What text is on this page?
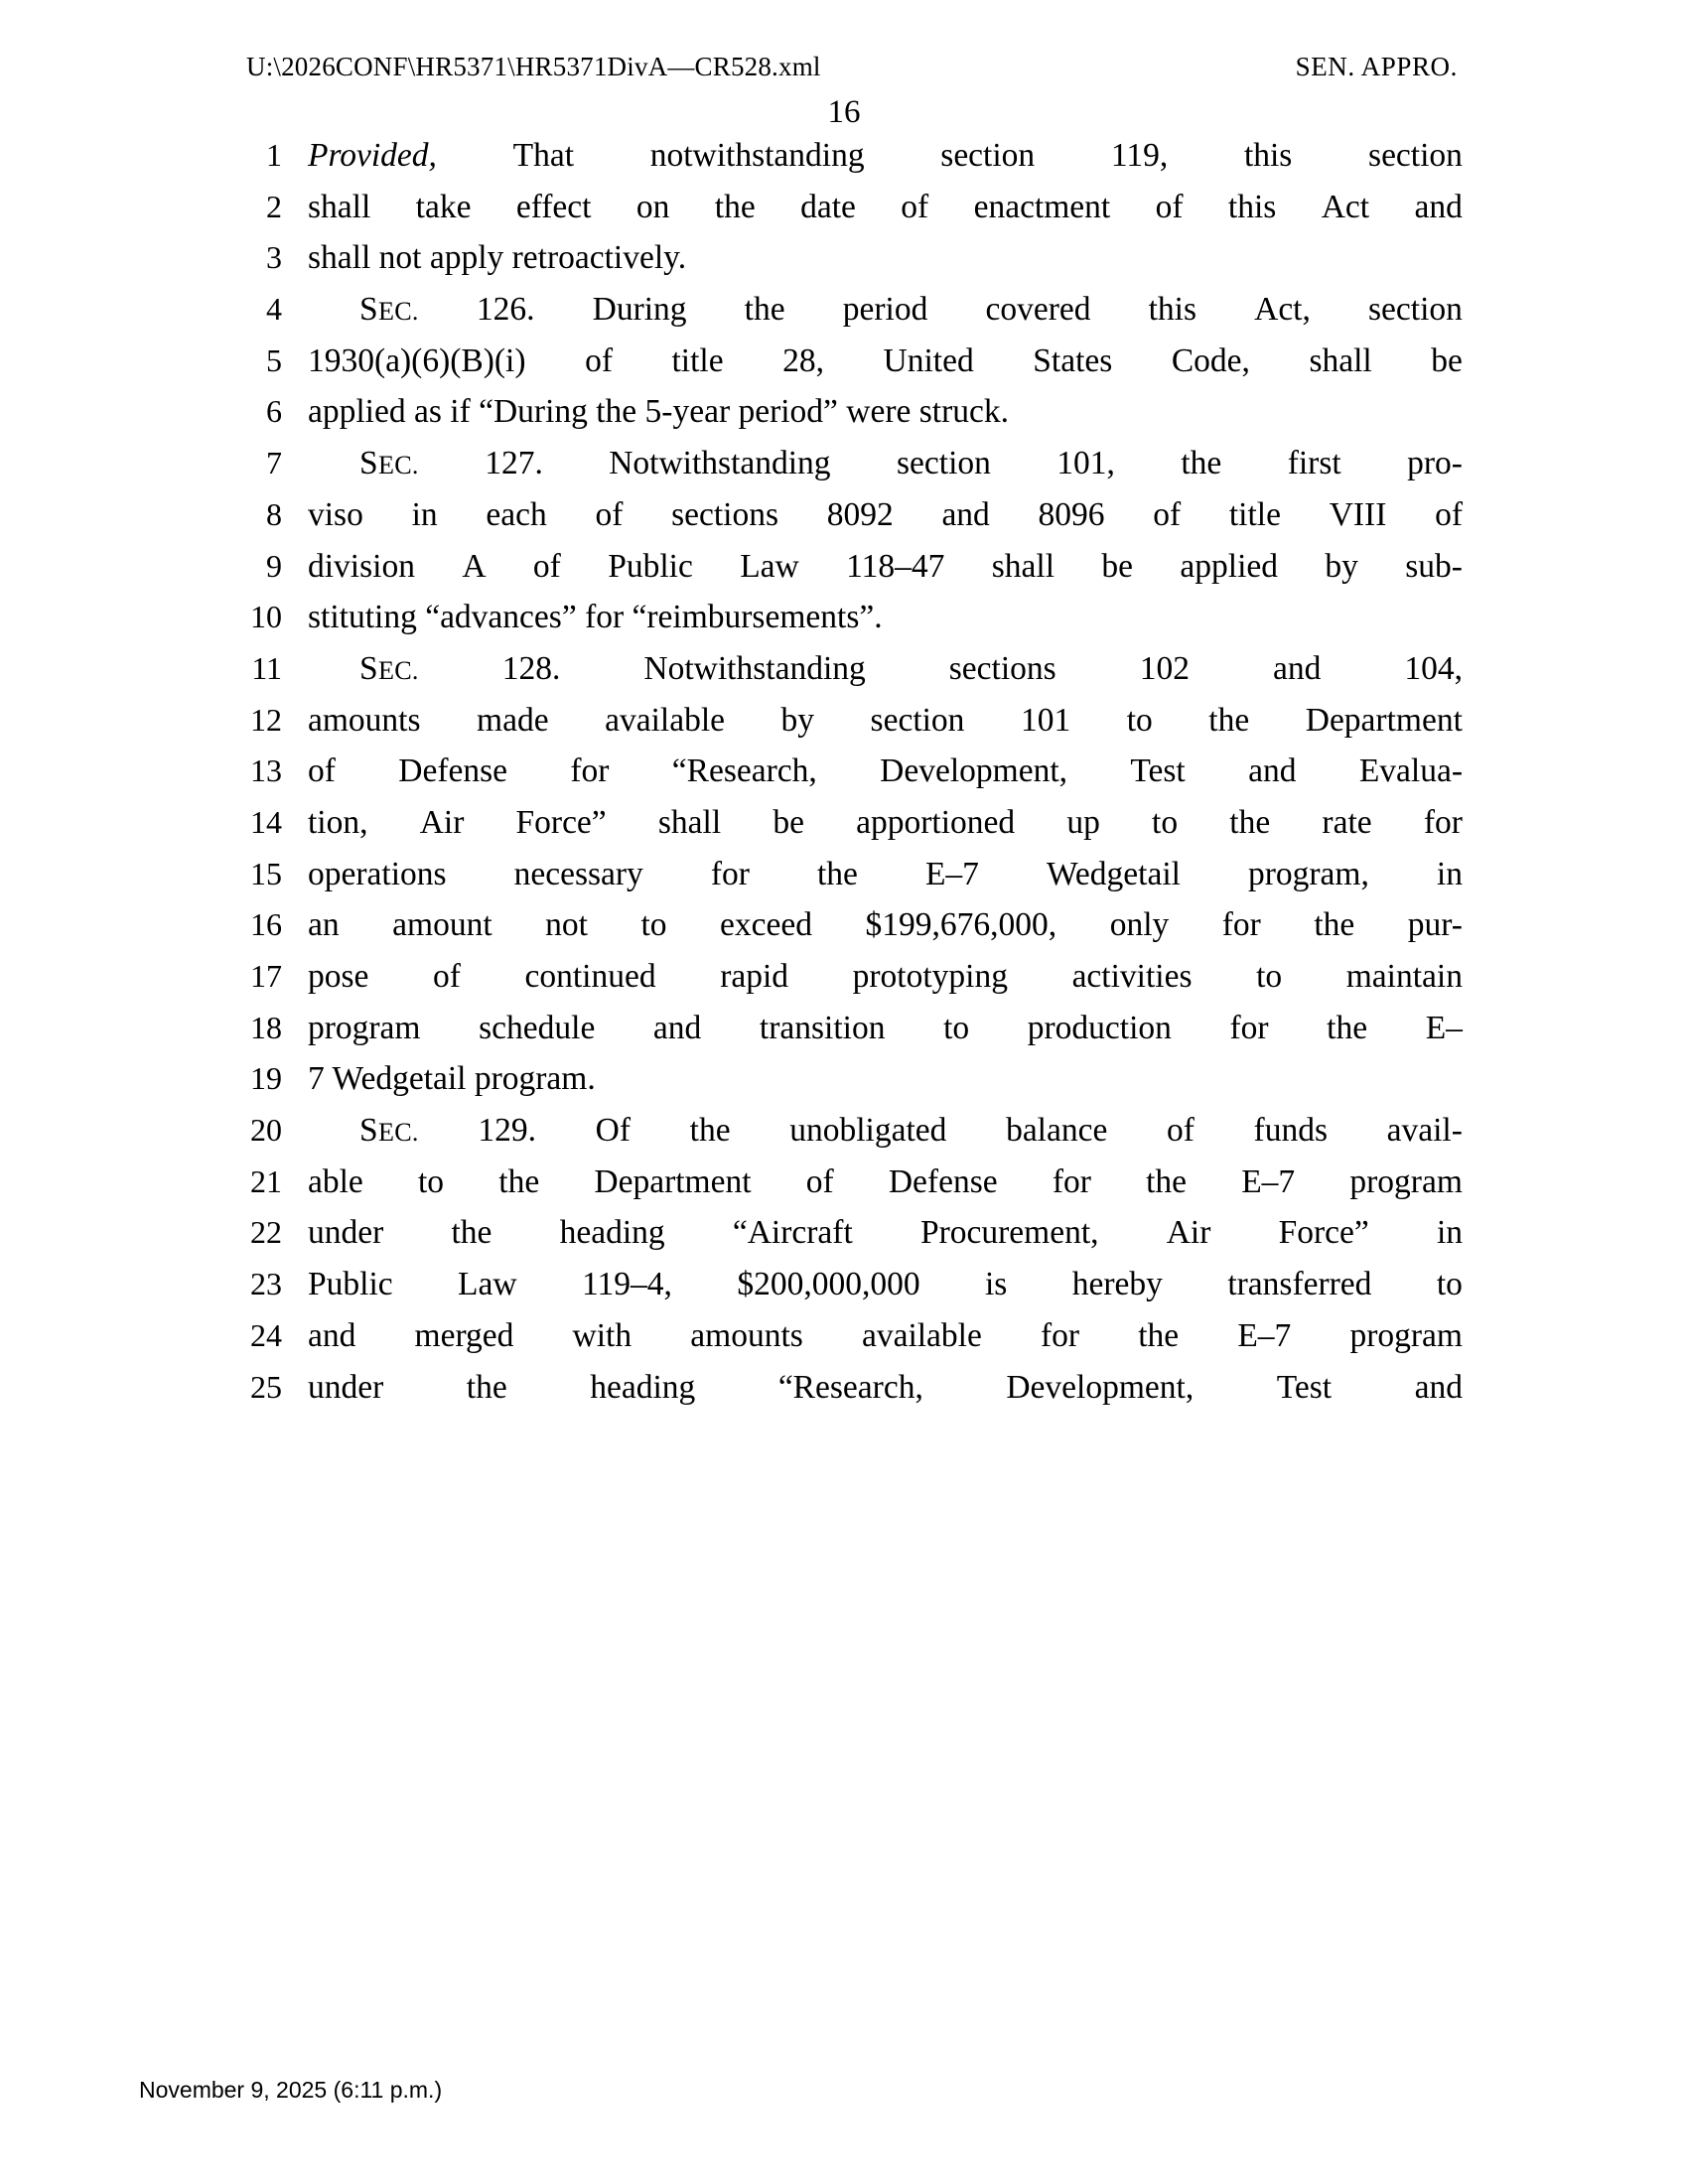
U:\2026CONF\HR5371\HR5371DivA—CR528.xml	SEN. APPRO.
16
1 Provided, That notwithstanding section 119, this section
2 shall take effect on the date of enactment of this Act and
3 shall not apply retroactively.
4	SEC. 126. During the period covered this Act, section
5 1930(a)(6)(B)(i) of title 28, United States Code, shall be
6 applied as if “During the 5-year period” were struck.
7	SEC. 127. Notwithstanding section 101, the first pro-
8 viso in each of sections 8092 and 8096 of title VIII of
9 division A of Public Law 118–47 shall be applied by sub-
10 stituting “advances” for “reimbursements”.
11	SEC.	128.	Notwithstanding	sections	102	and	104,
12 amounts made available by section 101 to the Department
13 of Defense for “Research, Development, Test and Evalua-
14 tion, Air Force” shall be apportioned up to the rate for
15 operations necessary for the E–7 Wedgetail program, in
16 an amount not to exceed $199,676,000, only for the pur-
17 pose of continued rapid prototyping activities to maintain
18 program schedule and transition to production for the E–
19 7 Wedgetail program.
20	SEC. 129. Of the unobligated balance of funds avail-
21 able to the Department of Defense for the E–7 program
22 under the heading “Aircraft Procurement, Air Force” in
23 Public Law 119–4, $200,000,000 is hereby transferred to
24 and merged with amounts available for the E–7 program
25 under the heading “Research, Development, Test and
November 9, 2025 (6:11 p.m.)
